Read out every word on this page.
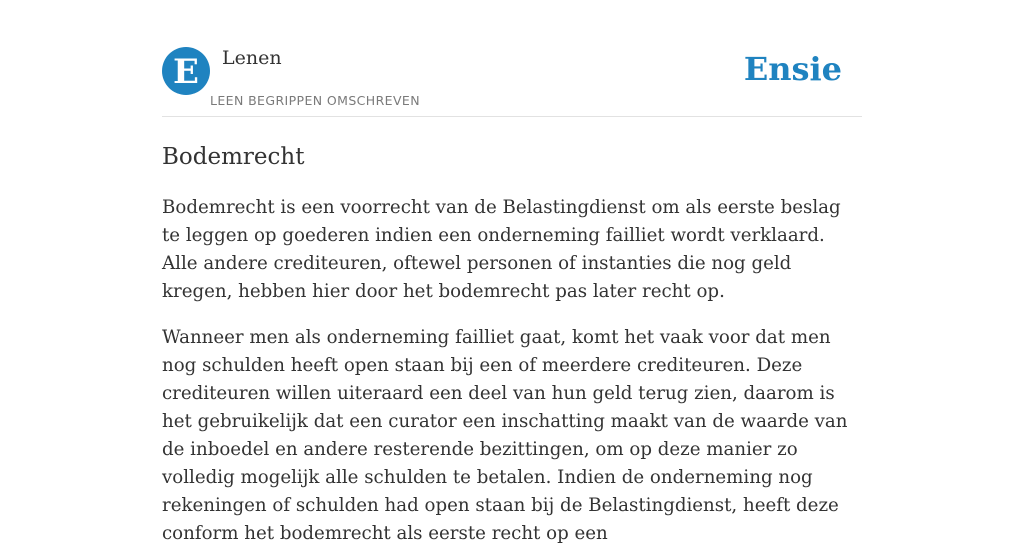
E Lenen
LEEN BEGRIPPEN OMSCHREVEN
Ensie
Bodemrecht

Bodemrecht is een voorrecht van de Belastingdienst om als eerste beslag te leggen op goederen indien een onderneming failliet wordt verklaard. Alle andere crediteuren, oftewel personen of instanties die nog geld kregen, hebben hier door het bodemrecht pas later recht op.

Wanneer men als onderneming failliet gaat, komt het vaak voor dat men nog schulden heeft open staan bij een of meerdere crediteuren. Deze crediteuren willen uiteraard een deel van hun geld terug zien, daarom is het gebruikelijk dat een curator een inschatting maakt van de waarde van de inboedel en andere resterende bezittingen, om op deze manier zo volledig mogelijk alle schulden te betalen. Indien de onderneming nog rekeningen of schulden had open staan bij de Belastingdienst, heeft deze conform het bodemrecht als eerste recht op een
